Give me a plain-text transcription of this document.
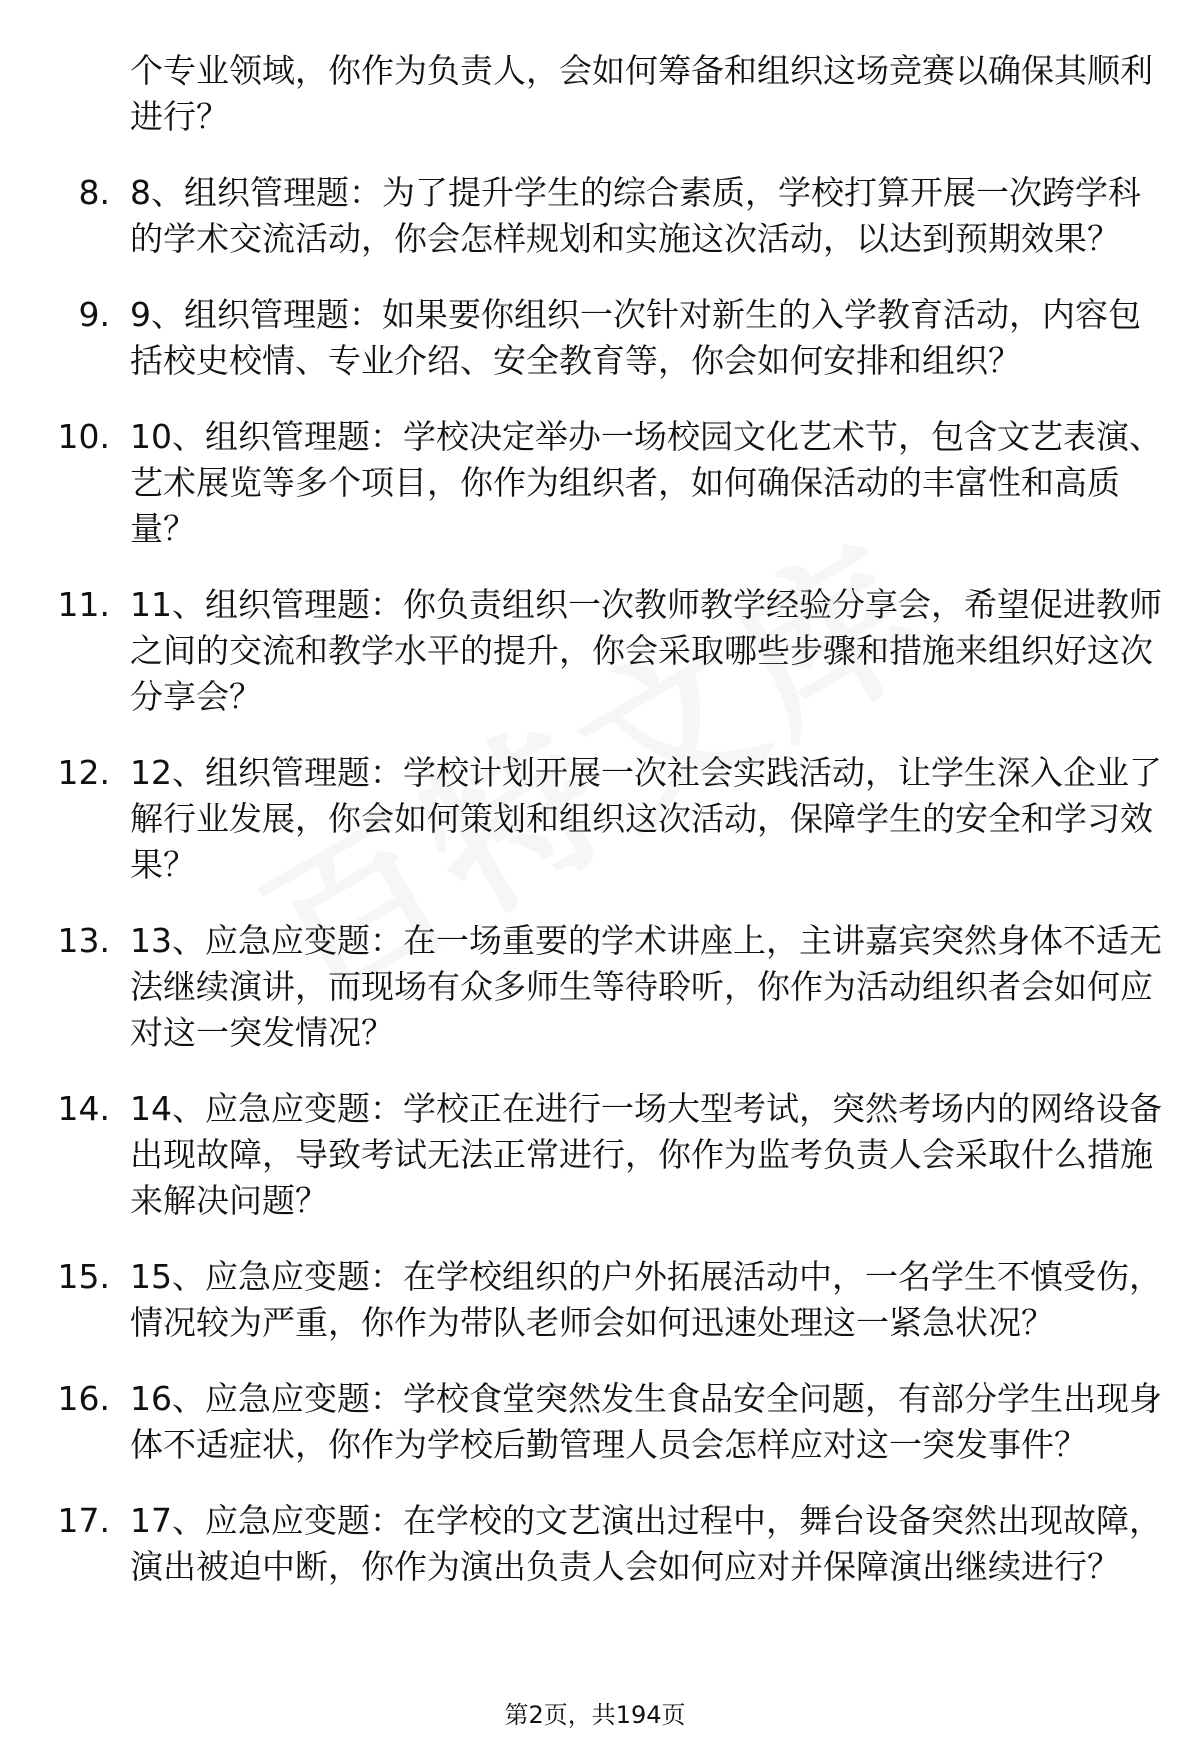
个专业领域，你作为负责人，会如何筹备和组织这场竞赛以确保其顺利进行？
8. 8、组织管理题：为了提升学生的综合素质，学校打算开展一次跨学科的学术交流活动，你会怎样规划和实施这次活动，以达到预期效果？
9. 9、组织管理题：如果要你组织一次针对新生的入学教育活动，内容包括校史校情、专业介绍、安全教育等，你会如何安排和组织？
10. 10、组织管理题：学校决定举办一场校园文化艺术节，包含文艺表演、艺术展览等多个项目，你作为组织者，如何确保活动的丰富性和高质量？
11. 11、组织管理题：你负责组织一次教师教学经验分享会，希望促进教师之间的交流和教学水平的提升，你会采取哪些步骤和措施来组织好这次分享会？
12. 12、组织管理题：学校计划开展一次社会实践活动，让学生深入企业了解行业发展，你会如何策划和组织这次活动，保障学生的安全和学习效果？
13. 13、应急应变题：在一场重要的学术讲座上，主讲嘉宾突然身体不适无法继续演讲，而现场有众多师生等待聆听，你作为活动组织者会如何应对这一突发情况？
14. 14、应急应变题：学校正在进行一场大型考试，突然考场内的网络设备出现故障，导致考试无法正常进行，你作为监考负责人会采取什么措施来解决问题？
15. 15、应急应变题：在学校组织的户外拓展活动中，一名学生不慎受伤，情况较为严重，你作为带队老师会如何迅速处理这一紧急状况？
16. 16、应急应变题：学校食堂突然发生食品安全问题，有部分学生出现身体不适症状，你作为学校后勤管理人员会怎样应对这一突发事件？
17. 17、应急应变题：在学校的文艺演出过程中，舞台设备突然出现故障，演出被迫中断，你作为演出负责人会如何应对并保障演出继续进行？
第2页，共194页
